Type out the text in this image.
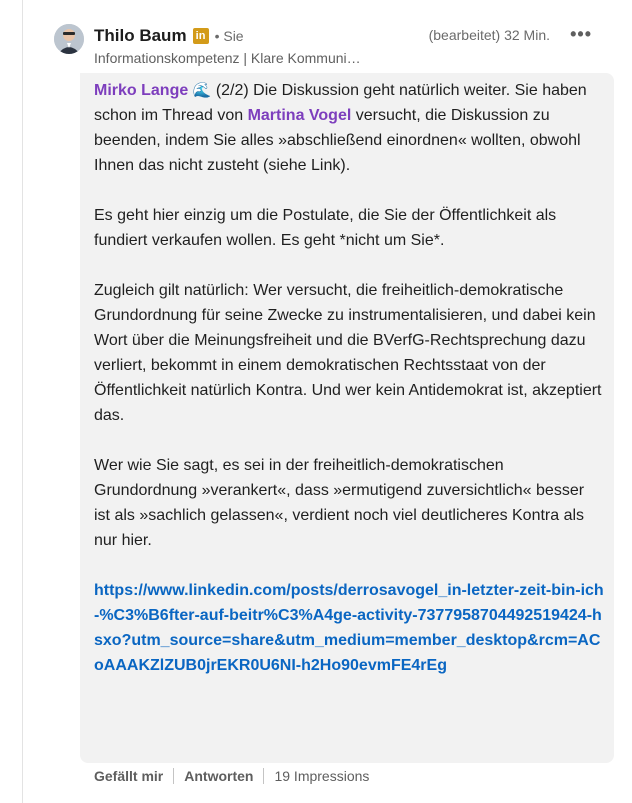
Thilo Baum in • Sie
Informationskompetenz | Klare Kommuni…
(bearbeitet) 32 Min. •••

Mirko Lange 🌊 (2/2) Die Diskussion geht natürlich weiter. Sie haben schon im Thread von Martina Vogel versucht, die Diskussion zu beenden, indem Sie alles »abschließend einordnen« wollten, obwohl Ihnen das nicht zusteht (siehe Link).

Es geht hier einzig um die Postulate, die Sie der Öffentlichkeit als fundiert verkaufen wollen. Es geht *nicht um Sie*.

Zugleich gilt natürlich: Wer versucht, die freiheitlich-demokratische Grundordnung für seine Zwecke zu instrumentalisieren, und dabei kein Wort über die Meinungsfreiheit und die BVerfG-Rechtsprechung dazu verliert, bekommt in einem demokratischen Rechtsstaat von der Öffentlichkeit natürlich Kontra. Und wer kein Antidemokrat ist, akzeptiert das.

Wer wie Sie sagt, es sei in der freiheitlich-demokratischen Grundordnung »verankert«, dass »ermutigend zuversichtlich« besser ist als »sachlich gelassen«, verdient noch viel deutlicheres Kontra als nur hier.

https://www.linkedin.com/posts/derrosavogel_in-letzter-zeit-bin-ich-%C3%B6fter-auf-beitr%C3%A4ge-activity-7377958704492519424-hsxo?utm_source=share&utm_medium=member_desktop&rcm=ACoAAAKZlZUB0jrEKR0U6NI-h2Ho90evmFE4rEg

Gefällt mir Antworten 19 Impressions
